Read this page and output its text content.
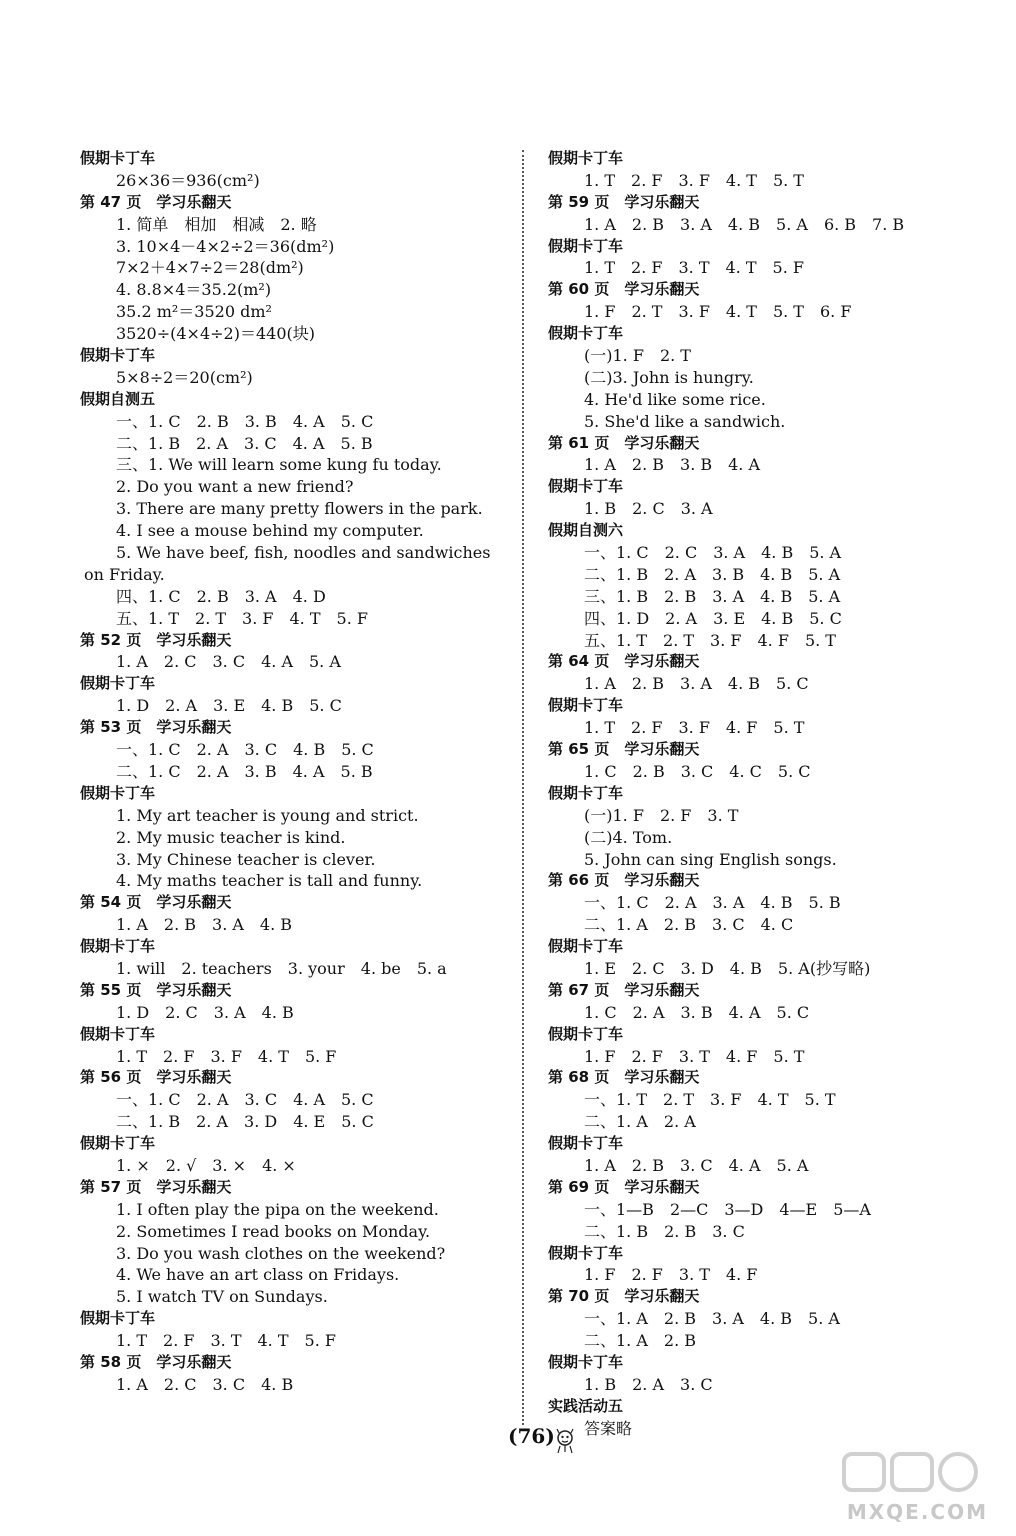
假期卡丁车
26×36＝936(cm²)
第 47 页　学习乐翻天
1. 简单　相加　相减　2. 略
3. 10×4－4×2÷2＝36(dm²)
7×2＋4×7÷2＝28(dm²)
4. 8.8×4＝35.2(m²)
35.2 m²＝3520 dm²
3520÷(4×4÷2)＝440(块)
假期卡丁车
5×8÷2＝20(cm²)
假期自测五
一、1. C　2. B　3. B　4. A　5. C
二、1. B　2. A　3. C　4. A　5. B
三、1. We will learn some kung fu today.
2. Do you want a new friend?
3. There are many pretty flowers in the park.
4. I see a mouse behind my computer.
5. We have beef, fish, noodles and sandwiches
on Friday.
四、1. C　2. B　3. A　4. D
五、1. T　2. T　3. F　4. T　5. F
第 52 页　学习乐翻天
1. A　2. C　3. C　4. A　5. A
假期卡丁车
1. D　2. A　3. E　4. B　5. C
第 53 页　学习乐翻天
一、1. C　2. A　3. C　4. B　5. C
二、1. C　2. A　3. B　4. A　5. B
假期卡丁车
1. My art teacher is young and strict.
2. My music teacher is kind.
3. My Chinese teacher is clever.
4. My maths teacher is tall and funny.
第 54 页　学习乐翻天
1. A　2. B　3. A　4. B
假期卡丁车
1. will　2. teachers　3. your　4. be　5. a
第 55 页　学习乐翻天
1. D　2. C　3. A　4. B
假期卡丁车
1. T　2. F　3. F　4. T　5. F
第 56 页　学习乐翻天
一、1. C　2. A　3. C　4. A　5. C
二、1. B　2. A　3. D　4. E　5. C
假期卡丁车
1. ×　2. √　3. ×　4. ×
第 57 页　学习乐翻天
1. I often play the pipa on the weekend.
2. Sometimes I read books on Monday.
3. Do you wash clothes on the weekend?
4. We have an art class on Fridays.
5. I watch TV on Sundays.
假期卡丁车
1. T　2. F　3. T　4. T　5. F
第 58 页　学习乐翻天
1. A　2. C　3. C　4. B
假期卡丁车
1. T　2. F　3. F　4. T　5. T
第 59 页　学习乐翻天
1. A　2. B　3. A　4. B　5. A　6. B　7. B
假期卡丁车
1. T　2. F　3. T　4. T　5. F
第 60 页　学习乐翻天
1. F　2. T　3. F　4. T　5. T　6. F
假期卡丁车
(一)1. F　2. T
(二)3. John is hungry.
4. He'd like some rice.
5. She'd like a sandwich.
第 61 页　学习乐翻天
1. A　2. B　3. B　4. A
假期卡丁车
1. B　2. C　3. A
假期自测六
一、1. C　2. C　3. A　4. B　5. A
二、1. B　2. A　3. B　4. B　5. A
三、1. B　2. B　3. A　4. B　5. A
四、1. D　2. A　3. E　4. B　5. C
五、1. T　2. T　3. F　4. F　5. T
第 64 页　学习乐翻天
1. A　2. B　3. A　4. B　5. C
假期卡丁车
1. T　2. F　3. F　4. F　5. T
第 65 页　学习乐翻天
1. C　2. B　3. C　4. C　5. C
假期卡丁车
(一)1. F　2. F　3. T
(二)4. Tom.
5. John can sing English songs.
第 66 页　学习乐翻天
一、1. C　2. A　3. A　4. B　5. B
二、1. A　2. B　3. C　4. C
假期卡丁车
1. E　2. C　3. D　4. B　5. A(抄写略)
第 67 页　学习乐翻天
1. C　2. A　3. B　4. A　5. C
假期卡丁车
1. F　2. F　3. T　4. F　5. T
第 68 页　学习乐翻天
一、1. T　2. T　3. F　4. T　5. T
二、1. A　2. A
假期卡丁车
1. A　2. B　3. C　4. A　5. A
第 69 页　学习乐翻天
一、1—B　2—C　3—D　4—E　5—A
二、1. B　2. B　3. C
假期卡丁车
1. F　2. F　3. T　4. F
第 70 页　学习乐翻天
一、1. A　2. B　3. A　4. B　5. A
二、1. A　2. B
假期卡丁车
1. B　2. A　3. C
实践活动五
答案略
(76)
MXQE.COM
